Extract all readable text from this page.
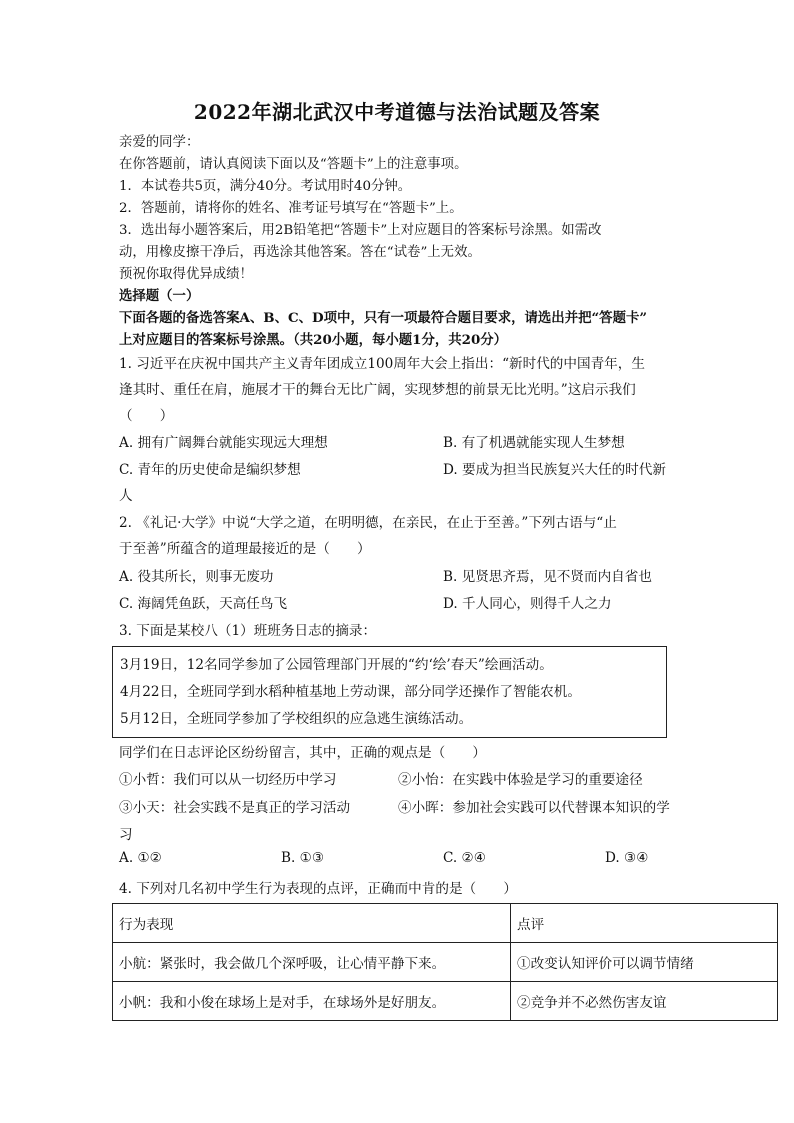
2022年湖北武汉中考道德与法治试题及答案
亲爱的同学：
在你答题前，请认真阅读下面以及“答题卡”上的注意事项。
1．本试卷共5页，满分40分。考试用时40分钟。
2．答题前，请将你的姓名、准考证号填写在“答题卡”上。
3．选出每小题答案后，用2B铅笔把“答题卡”上对应题目的答案标号涂黑。如需改
动，用橡皮擦干净后，再选涂其他答案。答在“试卷”上无效。
预祝你取得优异成绩！
选择题（一）
下面各题的备选答案A、B、C、D项中，只有一项最符合题目要求，请选出并把“答题卡”
上对应题目的答案标号涂黑。（共20小题，每小题1分，共20分）
1. 习近平在庆祝中国共产主义青年团成立100周年大会上指出：“新时代的中国青年，生
逢其时、重任在肩，施展才干的舞台无比广阔，实现梦想的前景无比光明。”这启示我们
（　　）
A. 拥有广阔舞台就能实现远大理想	B. 有了机遇就能实现人生梦想
C. 青年的历史使命是编织梦想	D. 要成为担当民族复兴大任的时代新
人
2. 《礼记·大学》中说“大学之道，在明明德，在亲民，在止于至善。”下列古语与“止
于至善”所蕴含的道理最接近的是（　　）
A. 役其所长，则事无废功	B. 见贤思齐焉，见不贤而内自省也
C. 海阔凭鱼跃，天高任鸟飞	D. 千人同心，则得千人之力
3. 下面是某校八（1）班班务日志的摘录：
3月19日，12名同学参加了公园管理部门开展的“约‘绘’春天”绘画活动。
4月22日，全班同学到水稻种植基地上劳动课，部分同学还操作了智能农机。
5月12日，全班同学参加了学校组织的应急逃生演练活动。
同学们在日志评论区纷纷留言，其中，正确的观点是（　　）
①小哲：我们可以从一切经历中学习	②小怡：在实践中体验是学习的重要途径
③小天：社会实践不是真正的学习活动	④小晖：参加社会实践可以代替课本知识的学
习
A. ①②	B. ①③	C. ②④	D. ③④
4. 下列对几名初中学生行为表现的点评，正确而中肯的是（　　）
行为表现	点评
小航：紧张时，我会做几个深呼吸，让心情平静下来。	①改变认知评价可以调节情绪
小帆：我和小俊在球场上是对手，在球场外是好朋友。	②竞争并不必然伤害友谊
